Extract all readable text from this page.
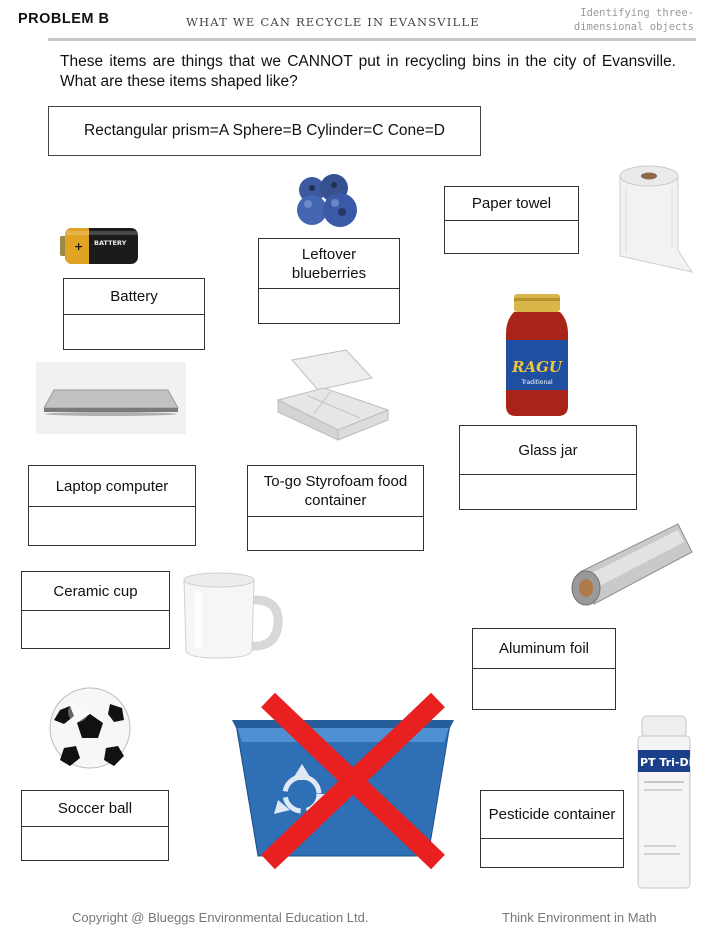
PROBLEM B	WHAT WE CAN RECYCLE IN EVANSVILLE
Identifying three-
dimensional objects
These items are things that we CANNOT put in recycling bins in the city of Evansville. What are these items shaped like?
Rectangular prism=A Sphere=B Cylinder=C Cone=D
Battery
Leftover blueberries
Paper towel
Glass jar
Laptop computer	To-go Styrofoam food container
Ceramic cup
Aluminum foil
Soccer ball	Pesticide container
+ BATTERY
RAGU
Traditional
PT Tri-Die
Copyright @ Blueggs Environmental Education Ltd.	Think Environment in Math
